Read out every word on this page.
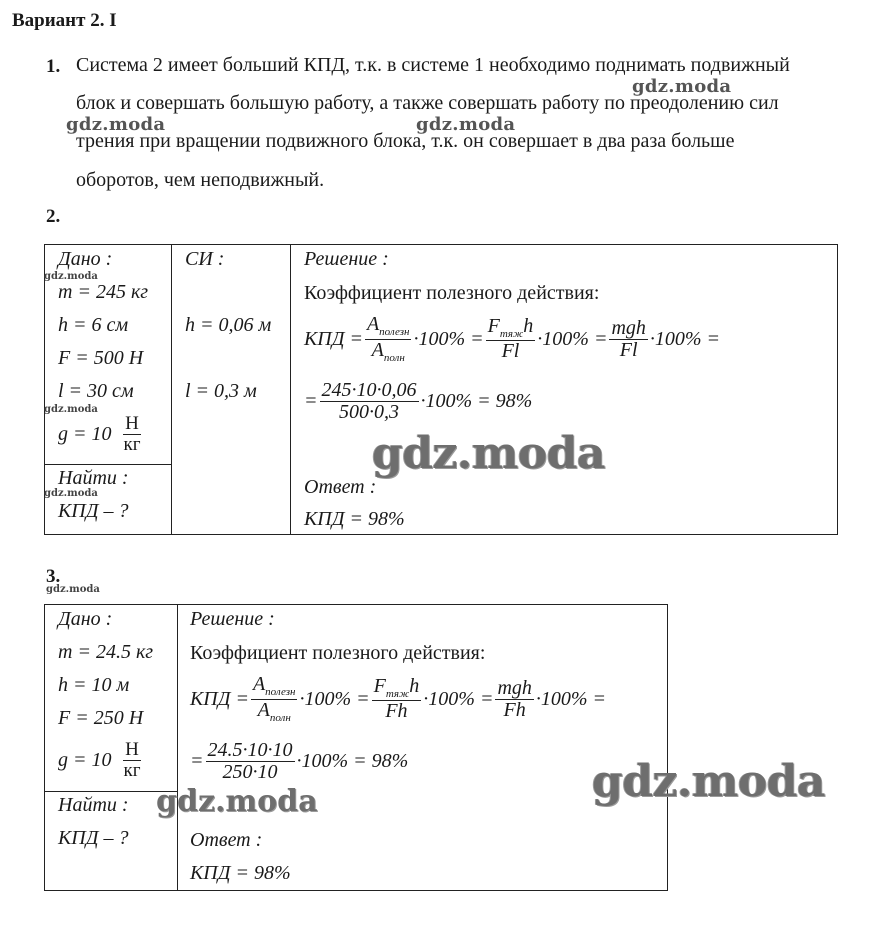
Вариант 2. I
1. Система 2 имеет больший КПД, т.к. в системе 1 необходимо поднимать подвижный
блок и совершать большую работу, а также совершать работу по преодолению сил
трения при вращении подвижного блока, т.к. он совершает в два раза больше
оборотов, чем неподвижный.
gdz.moda
gdz.moda	gdz.moda
2.
Дано :
gdz.moda
m = 245 кг
h = 6 см
F = 500 Н
l = 30 см
gdz.moda
$g = 10 \frac{Н}{кг}$
Найти :
gdz.moda
КПД – ?
СИ :
h = 0,06 м
l = 0,3 м
Решение :
Коэффициент полезного действия:
КПД = $\frac{A_{полезн}}{A_{полн}} \cdot 100\% = \frac{F_{тяж}h}{Fl} \cdot 100\% = \frac{\text{mgh}}{Fl} \cdot 100\%$ =
= $\frac{245\cdot 10\cdot 0,06}{500\cdot 0,3} \cdot 100\% = 98\%$
gdz.moda
Ответ :
КПД = 98%
3.
gdz.moda
Дано :
m = 24.5 кг
h = 10 м
F = 250 Н
$g = 10 \frac{Н}{кг}$
Найти :
КПД – ?
gdz.moda
Решение :
Коэффициент полезного действия:
КПД = $\frac{A_{полезн}}{A_{полн}} \cdot 100\% = \frac{F_{тяж}h}{Fh} \cdot 100\% = \frac{\text{mgh}}{Fh} \cdot 100\%$ =
= $\frac{24.5\cdot 10\cdot 10}{250\cdot 10} \cdot 100\% = 98\%$
Ответ :
КПД = 98%
gdz.moda
